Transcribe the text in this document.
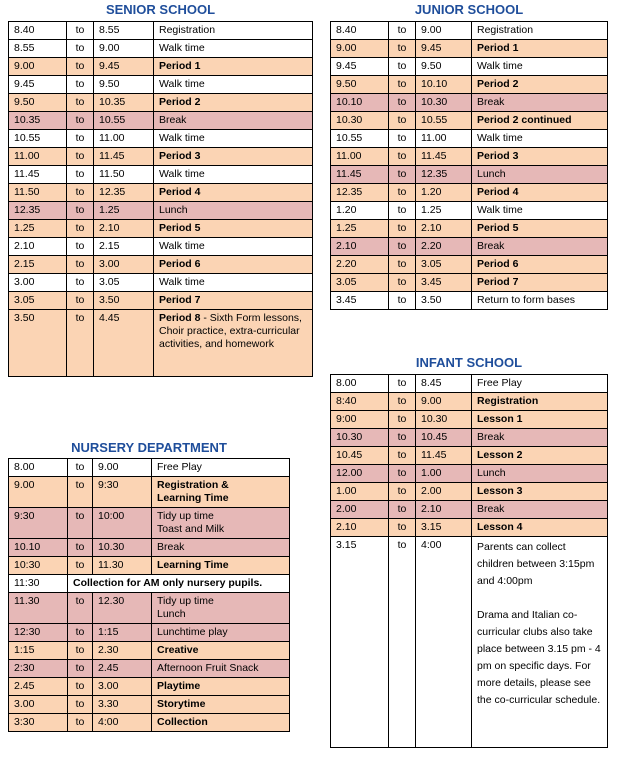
SENIOR SCHOOL	JUNIOR SCHOOL
INFANT SCHOOL
NURSERY DEPARTMENT
8.40	to	8.55	Registration
8.55	to	9.00	Walk time
9.00	to	9.45	Period 1
9.45	to	9.50	Walk time
9.50	to	10.35	Period 2
10.35	to	10.55	Break
10.55	to	11.00	Walk time
11.00	to	11.45	Period 3
11.45	to	11.50	Walk time
11.50	to	12.35	Period 4
12.35	to	1.25	Lunch
1.25	to	2.10	Period 5
2.10	to	2.15	Walk time
2.15	to	3.00	Period 6
3.00	to	3.05	Walk time
3.05	to	3.50	Period 7
3.50	to	4.45	Period 8 - Sixth Form lessons, Choir practice, extra-curricular activities, and homework
8.40	to	9.00	Registration
9.00	to	9.45	Period 1
9.45	to	9.50	Walk time
9.50	to	10.10	Period 2
10.10	to	10.30	Break
10.30	to	10.55	Period 2 continued
10.55	to	11.00	Walk time
11.00	to	11.45	Period 3
11.45	to	12.35	Lunch
12.35	to	1.20	Period 4
1.20	to	1.25	Walk time
1.25	to	2.10	Period 5
2.10	to	2.20	Break
2.20	to	3.05	Period 6
3.05	to	3.45	Period 7
3.45	to	3.50	Return to form bases
8.00	to	8.45	Free Play
8:40	to	9.00	Registration
9:00	to	10.30	Lesson 1
10.30	to	10.45	Break
10.45	to	11.45	Lesson 2
12.00	to	1.00	Lunch
1.00	to	2.00	Lesson 3
2.00	to	2.10	Break
2.10	to	3.15	Lesson 4
3.15	to	4:00	Parents can collect children between 3:15pm and 4:00pm

Drama and Italian co-curricular clubs also take place between 3.15 pm - 4 pm on specific days. For more details, please see the co-curricular schedule.
8.00	to	9.00	Free Play
9.00	to	9:30	Registration &
Learning Time
9:30	to	10:00	Tidy up time
Toast and Milk
10.10	to	10.30	Break
10:30	to	11.30	Learning Time
11:30	Collection for AM only nursery pupils.		
11.30	to	12.30	Tidy up time
Lunch
12:30	to	1:15	Lunchtime play
1:15	to	2.30	Creative
2:30	to	2.45	Afternoon Fruit Snack
2.45	to	3.00	Playtime
3.00	to	3.30	Storytime
3:30	to	4:00	Collection
